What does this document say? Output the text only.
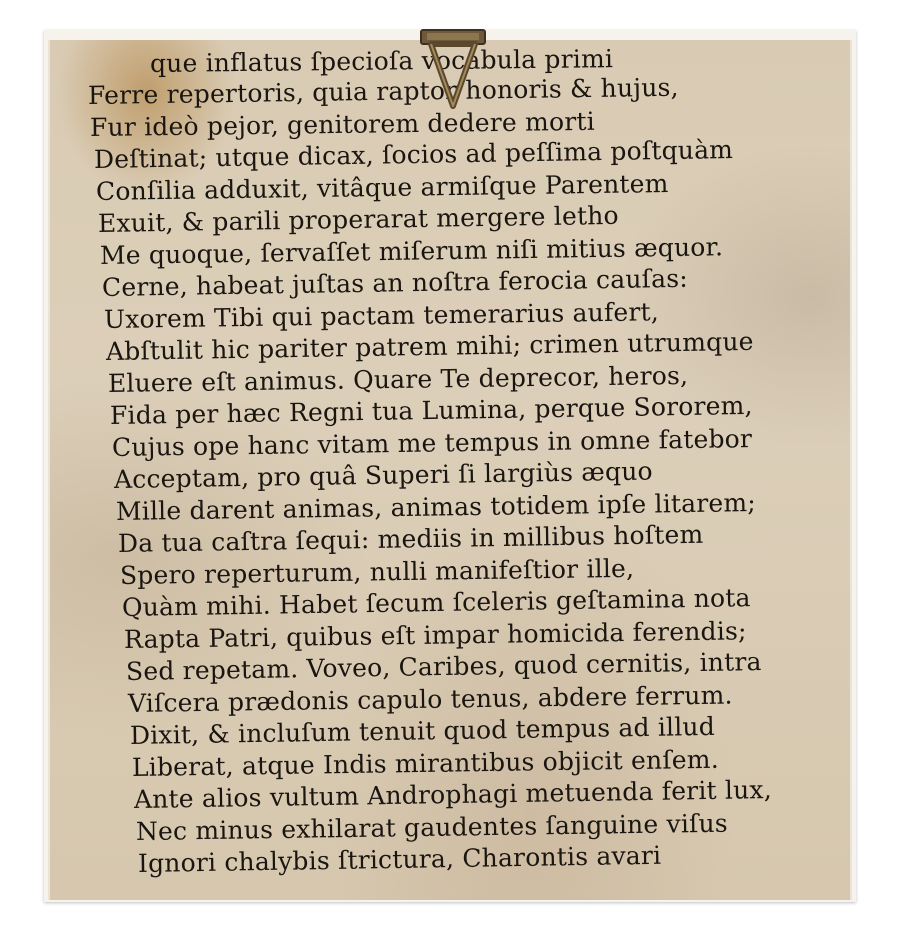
que inflatus ſpecioſa vocabula primi
Ferre repertoris, quia raptor honoris & hujus,
Fur ideò pejor, genitorem dedere morti
Deſtinat; utque dicax, ſocios ad peſſima poſtquàm
Conſilia adduxit, vitâque armiſque Parentem
Exuit, & parili properarat mergere letho
Me quoque, ſervaſſet miſerum niſi mitius æquor.
Cerne, habeat juſtas an noſtra ferocia cauſas:
Uxorem Tibi qui pactam temerarius aufert,
Abſtulit hic pariter patrem mihi; crimen utrumque
Eluere eſt animus. Quare Te deprecor, heros,
Fida per hæc Regni tua Lumina, perque Sororem,
Cujus ope hanc vitam me tempus in omne fatebor
Acceptam, pro quâ Superi ſi largiùs æquo
Mille darent animas, animas totidem ipſe litarem;
Da tua caſtra ſequi: mediis in millibus hoſtem
Spero reperturum, nulli manifeſtior ille,
Quàm mihi. Habet ſecum ſceleris geſtamina nota
Rapta Patri, quibus eſt impar homicida ferendis;
Sed repetam. Voveo, Caribes, quod cernitis, intra
Viſcera prædonis capulo tenus, abdere ferrum.
Dixit, & incluſum tenuit quod tempus ad illud
Liberat, atque Indis mirantibus objicit enſem.
Ante alios vultum Androphagi metuenda ferit lux,
Nec minus exhilarat gaudentes ſanguine viſus
Ignori chalybis ſtrictura, Charontis avari
